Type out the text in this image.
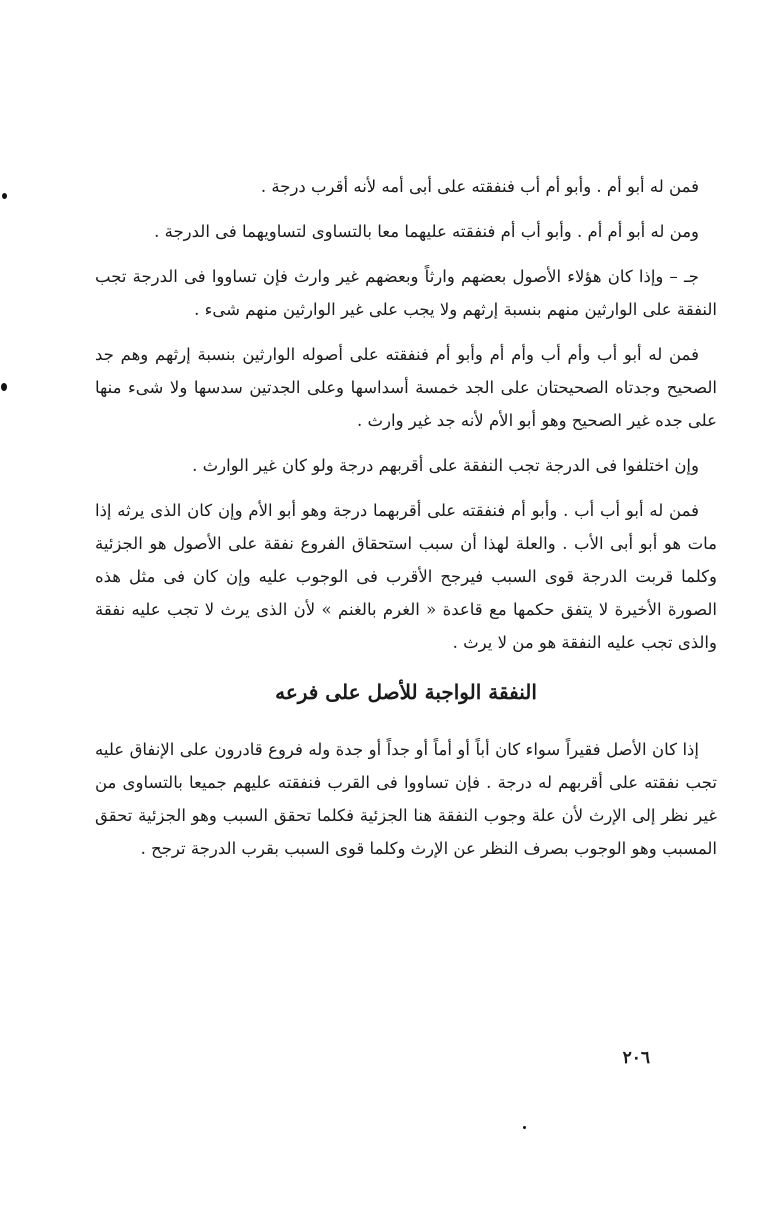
فمن له أبو أم . وأبو أم أب فنفقته على أبى أمه لأنه أقرب درجة .

ومن له أبو أم أم . وأبو أب أم فنفقته عليهما معا بالتساوى لتساويهما فى الدرجة .

جـ – وإذا كان هؤلاء الأصول بعضهم وارثاً وبعضهم غير وارث فإن تساووا فى الدرجة تجب النفقة على الوارثين منهم بنسبة إرثهم ولا يجب على غير الوارثين منهم شىء .

فمن له أبو أب وأم أب وأم أم وأبو أم فنفقته على أصوله الوارثين بنسبة إرثهم وهم جد الصحيح وجدتاه الصحيحتان على الجد خمسة أسداسها وعلى الجدتين سدسها ولا شىء منها على جده غير الصحيح وهو أبو الأم لأنه جد غير وارث .

وإن اختلفوا فى الدرجة تجب النفقة على أقربهم درجة ولو كان غير الوارث .

فمن له أبو أب أب . وأبو أم فنفقته على أقربهما درجة وهو أبو الأم وإن كان الذى يرثه إذا مات هو أبو أبى الأب . والعلة لهذا أن سبب استحقاق الفروع نفقة على الأصول هو الجزئية وكلما قربت الدرجة قوى السبب فيرجح الأقرب فى الوجوب عليه وإن كان فى مثل هذه الصورة الأخيرة لا يتفق حكمها مع قاعدة « الغرم بالغنم » لأن الذى يرث لا تجب عليه نفقة والذى تجب عليه النفقة هو من لا يرث .

النفقة الواجبة للأصل على فرعه

إذا كان الأصل فقيراً سواء كان أباً أو أماً أو جداً أو جدة وله فروع قادرون على الإنفاق عليه تجب نفقته على أقربهم له درجة . فإن تساووا فى القرب فنفقته عليهم جميعا بالتساوى من غير نظر إلى الإرث لأن علة وجوب النفقة هنا الجزئية فكلما تحقق السبب وهو الجزئية تحقق المسبب وهو الوجوب بصرف النظر عن الإرث وكلما قوى السبب بقرب الدرجة ترجح .

٢٠٦
